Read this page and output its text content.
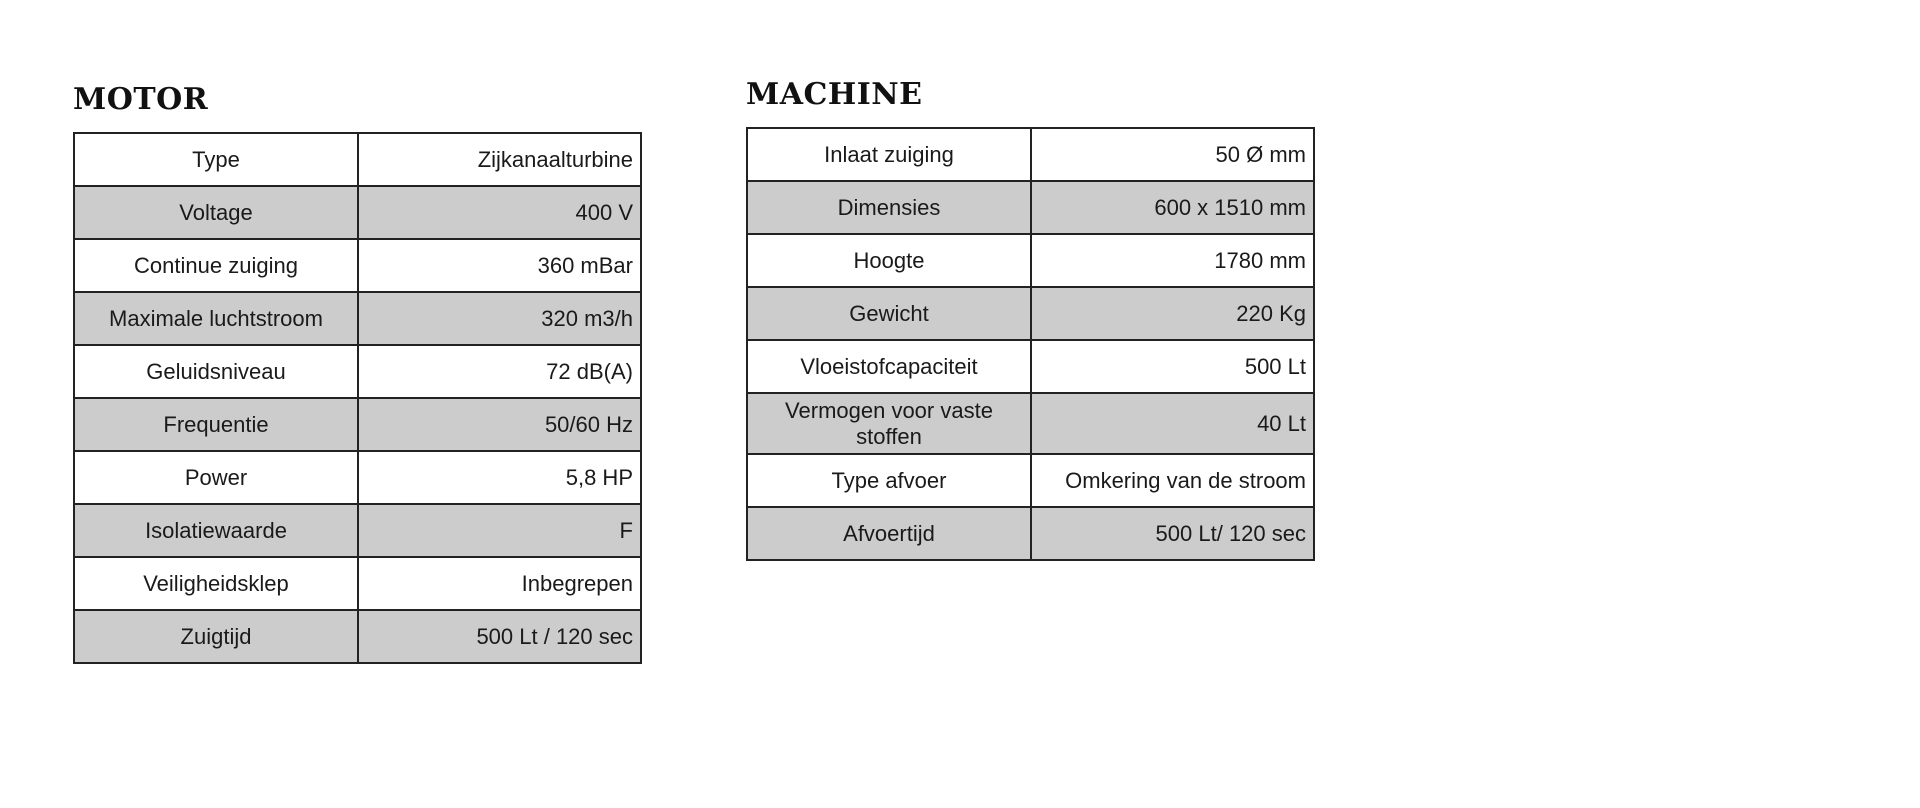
MOTOR
Type	Zijkanaalturbine
Voltage	400 V
Continue zuiging	360 mBar
Maximale luchtstroom	320 m3/h
Geluidsniveau	72 dB(A)
Frequentie	50/60 Hz
Power	5,8 HP
Isolatiewaarde	F
Veiligheidsklep	Inbegrepen
Zuigtijd	500 Lt / 120 sec
MACHINE
Inlaat zuiging	50 Ø mm
Dimensies	600 x 1510 mm
Hoogte	1780 mm
Gewicht	220 Kg
Vloeistofcapaciteit	500 Lt
Vermogen voor vaste stoffen	40 Lt
Type afvoer	Omkering van de stroom
Afvoertijd	500 Lt/ 120 sec
